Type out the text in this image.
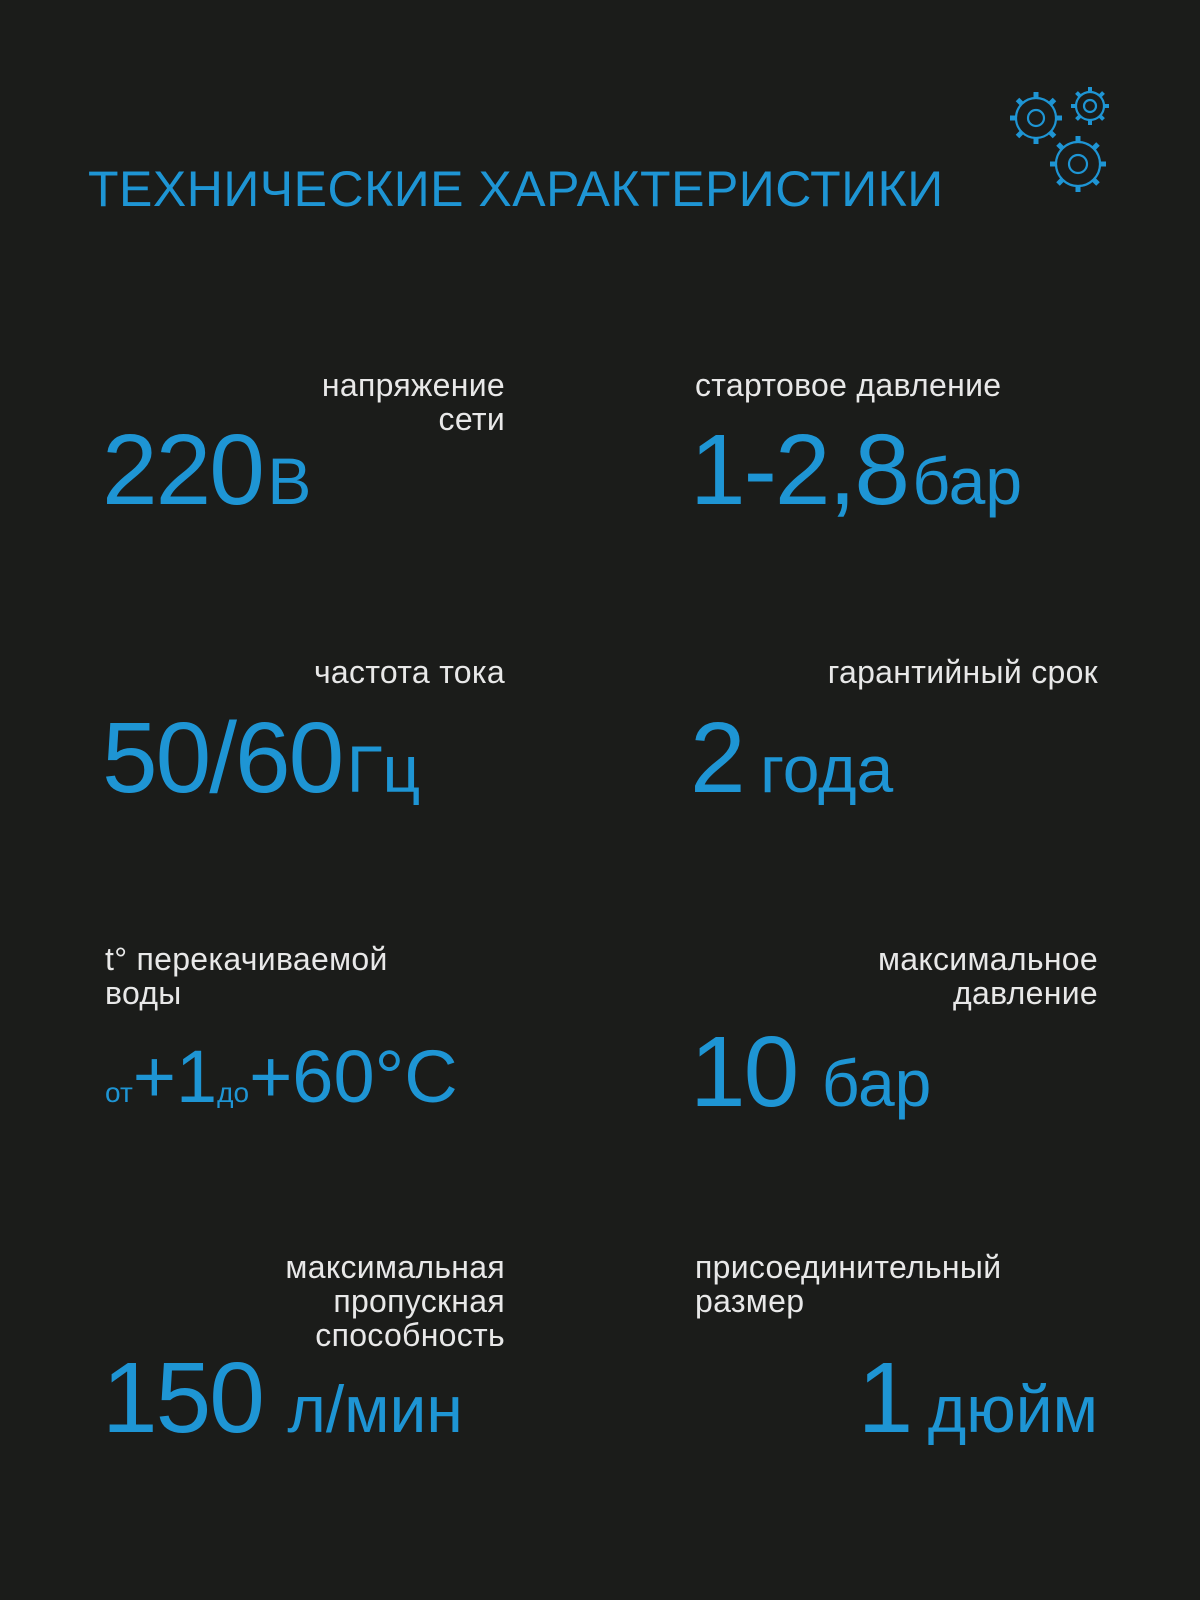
ТЕХНИЧЕСКИЕ ХАРАКТЕРИСТИКИ
напряжение
сети
220 В
стартовое давление
1-2,8 бар
частота тока
50/60 Гц
гарантийный срок
2 года
t° перекачиваемой
воды
от+1до+60°С
максимальное
давление
10 бар
максимальная
пропускная
способность
150 л/мин
присоединительный
размер
1 дюйм
